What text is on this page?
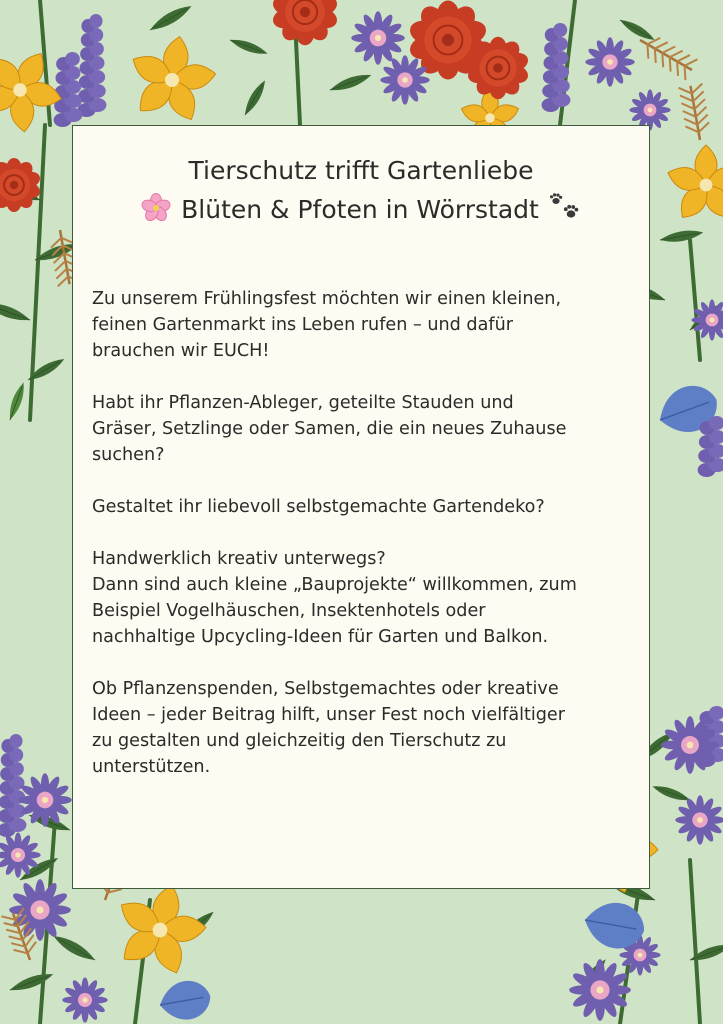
Tierschutz trifft Gartenliebe
Blüten & Pfoten in Wörrstadt

Zu unserem Frühlingsfest möchten wir einen kleinen,
feinen Gartenmarkt ins Leben rufen – und dafür
brauchen wir EUCH!

Habt ihr Pflanzen-Ableger, geteilte Stauden und
Gräser, Setzlinge oder Samen, die ein neues Zuhause
suchen?

Gestaltet ihr liebevoll selbstgemachte Gartendeko?

Handwerklich kreativ unterwegs?
Dann sind auch kleine „Bauprojekte“ willkommen, zum
Beispiel Vogelhäuschen, Insektenhotels oder
nachhaltige Upcycling-Ideen für Garten und Balkon.

Ob Pflanzenspenden, Selbstgemachtes oder kreative
Ideen – jeder Beitrag hilft, unser Fest noch vielfältiger
zu gestalten und gleichzeitig den Tierschutz zu
unterstützen.
